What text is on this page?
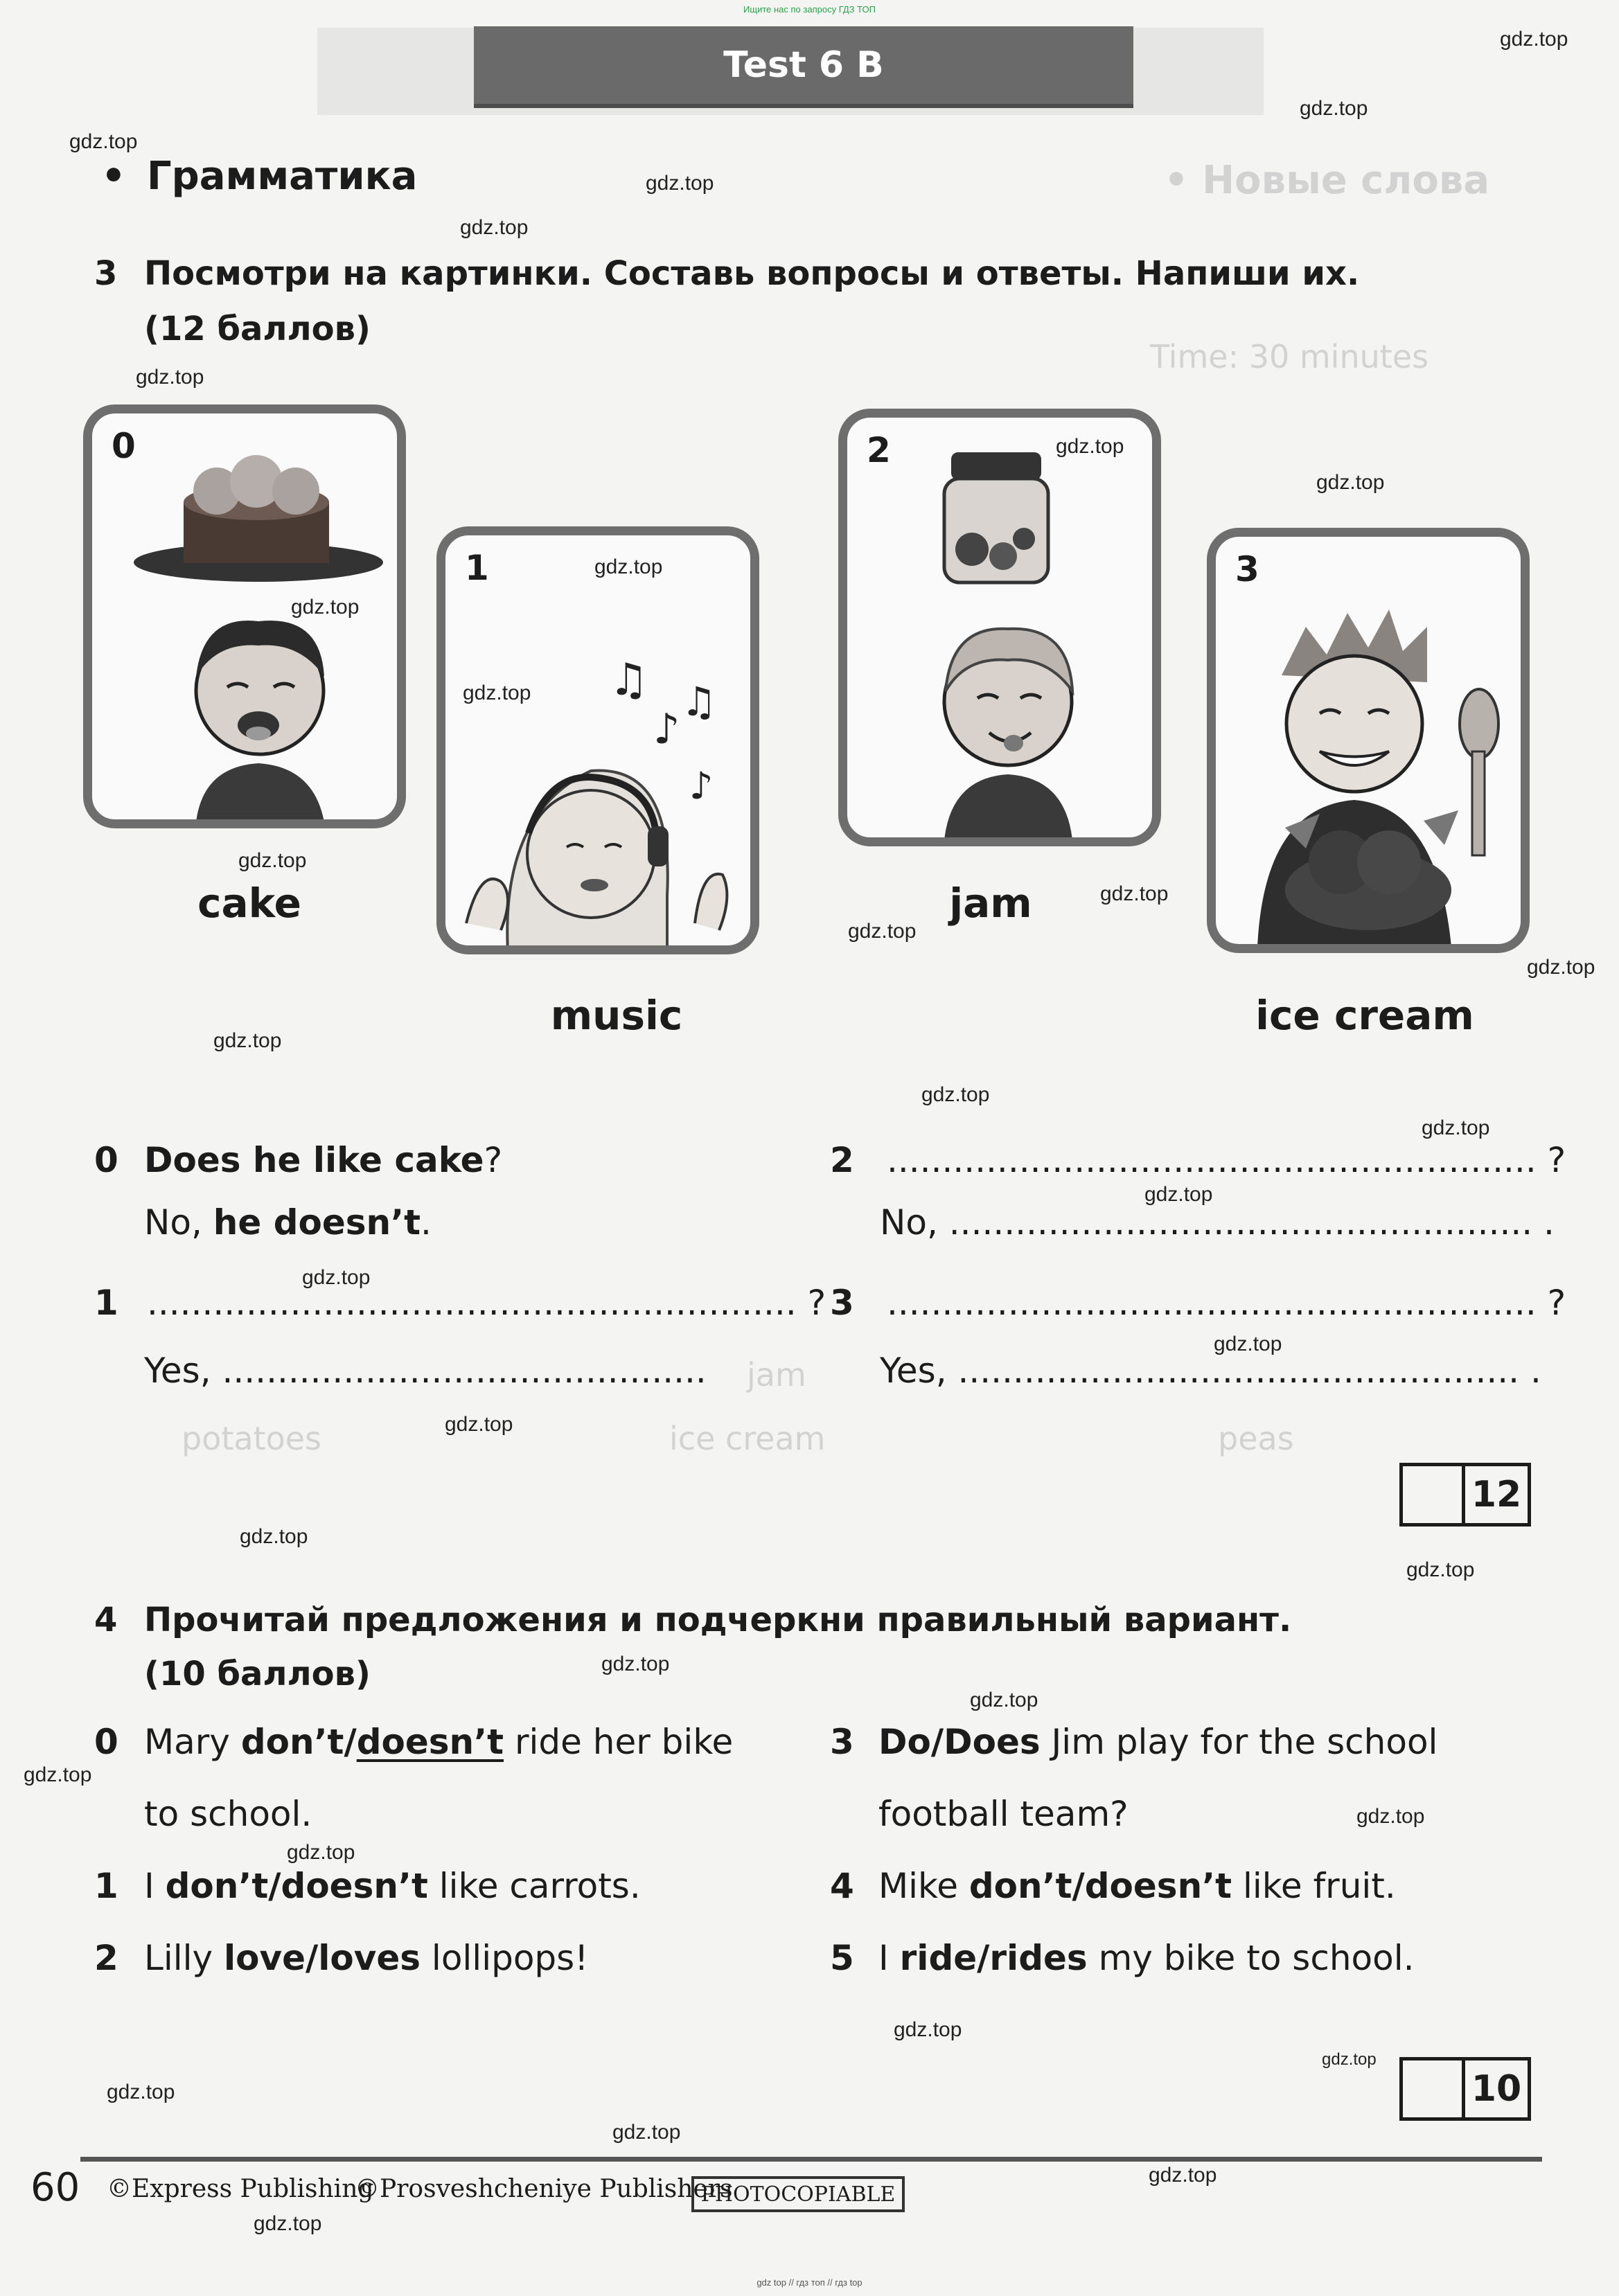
Ищите нас по запросу ГДЗ ТОП
gdz top // гдз топ // гдз top
• Новые слова
Time: 30 minutes
potatoes	peas
ice cream
jam
Test 6 B
• Грамматика
3 Посмотри на картинки. Составь вопросы и ответы. Напиши их.
(12 баллов)
0
cake
1
♫
♪
♫
♪
music
2
jam
3
ice cream
0 Does he like cake?
No, he doesn’t.
1 ........................................................... ?
Yes, ............................................
2 ........................................................... ?
No, ..................................................... .
3 ........................................................... ?
Yes, ................................................... .
12
4 Прочитай предложения и подчеркни правильный вариант.
(10 баллов)
0 Mary don’t/doesn’t ride her bike
to school.
1 I don’t/doesn’t like carrots.
2 Lilly love/loves lollipops!
3 Do/Does Jim play for the school
football team?
4 Mike don’t/doesn’t like fruit.
5 I ride/rides my bike to school.
10
60 ©Express Publishing
©Prosveshcheniye Publishers
PHOTOCOPIABLE
gdz.top
gdz.top
gdz.top
gdz.top
gdz.top
gdz.top
gdz.top
gdz.top
gdz.top
gdz.top
gdz.top
gdz.top
gdz.top
gdz.top
gdz.top
gdz.top
gdz.top
gdz.top
gdz.top
gdz.top
gdz.top
gdz.top
gdz.top
gdz.top
gdz.top
gdz.top
gdz.top
gdz.top
gdz.top
gdz.top
gdz.top
gdz.top
gdz.top
gdz.top
gdz.top
